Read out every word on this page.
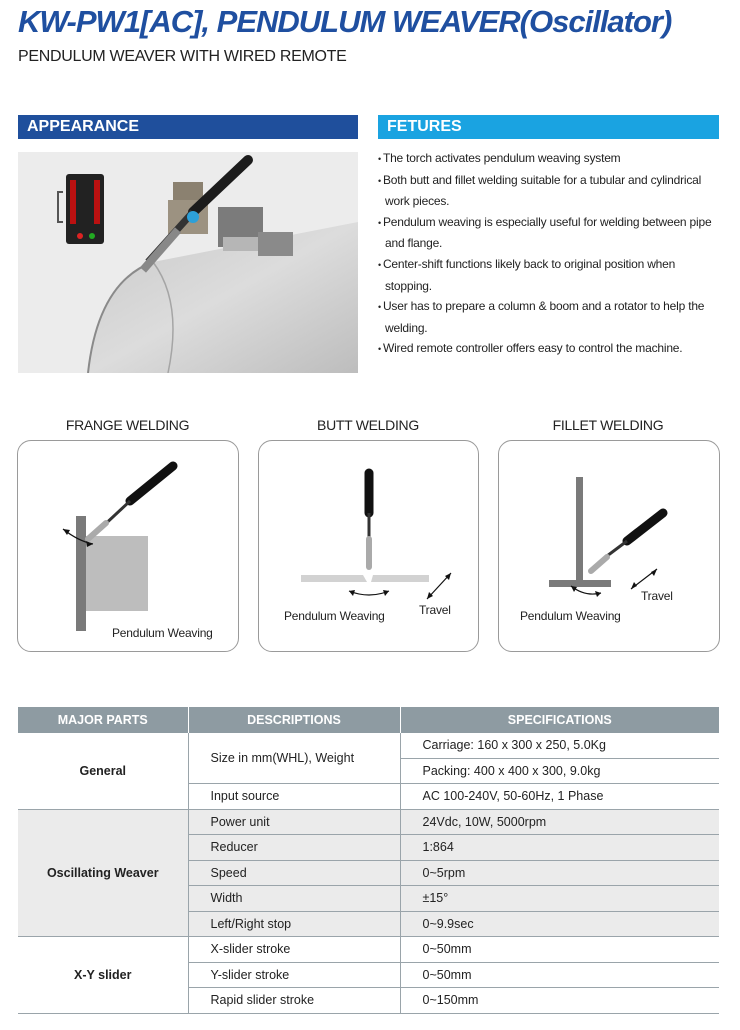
KW-PW1[AC], PENDULUM WEAVER(Oscillator)
PENDULUM WEAVER WITH WIRED REMOTE
APPEARANCE	FETURES

• The torch activates pendulum weaving system

• Both butt and fillet welding suitable for a tubular and cylindrical work pieces.

• Pendulum weaving is especially useful for welding between pipe and flange.

• Center-shift functions likely back to original position when stopping.

• User has to prepare a column & boom and a rotator to help the welding.

• Wired remote controller offers easy to control the machine.

FRANGE WELDING	BUTT WELDING	FILLET WELDING
Pendulum Weaving
Pendulum Weaving	Travel	Pendulum Weaving
Travel
MAJOR PARTS	DESCRIPTIONS	SPECIFICATIONS
General	Size in mm(WHL), Weight	Carriage: 160 x 300 x 250, 5.0Kg
		Packing: 400 x 400 x 300, 9.0kg
	Input source	AC 100-240V, 50-60Hz, 1 Phase
Oscillating Weaver	Power unit	24Vdc, 10W, 5000rpm
	Reducer	1:864
	Speed	0~5rpm
	Width	±15°
	Left/Right stop	0~9.9sec
X-Y slider	X-slider stroke	0~50mm
	Y-slider stroke	0~50mm
	Rapid slider stroke	0~150mm
